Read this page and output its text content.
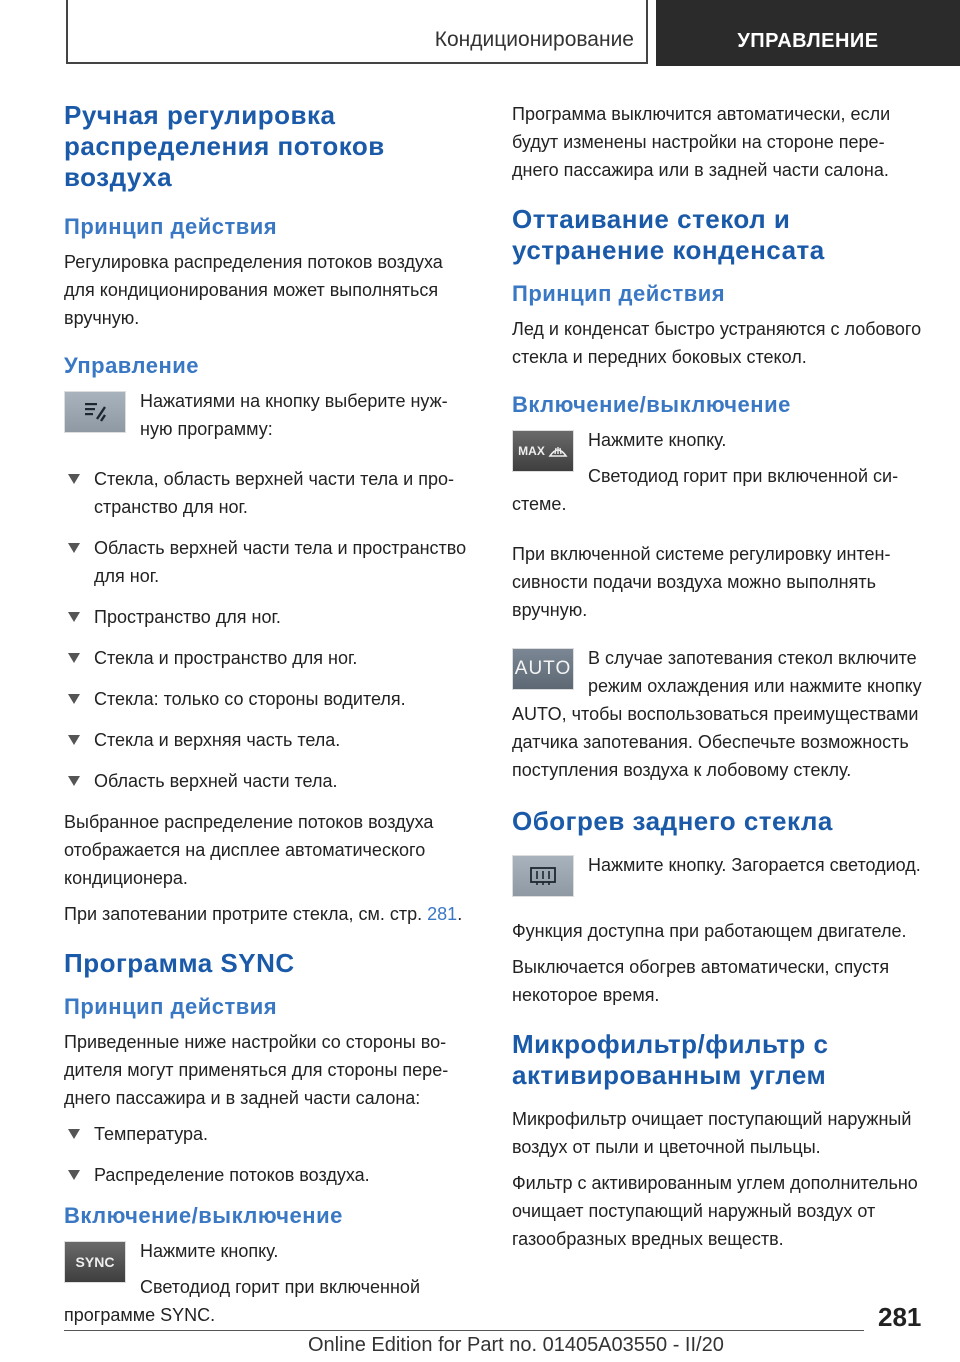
Кондиционирование	УПРАВЛЕНИЕ
Ручная регулировка распределения потоков воздуха
Принцип действия
Регулировка распределения потоков воздуха для кондиционирования может выполняться вручную.
Управление
Нажатиями на кнопку выберите нужную программу:
Стекла, область верхней части тела и пространство для ног.
Область верхней части тела и пространство для ног.
Пространство для ног.
Стекла и пространство для ног.
Стекла: только со стороны водителя.
Стекла и верхняя часть тела.
Область верхней части тела.
Выбранное распределение потоков воздуха отображается на дисплее автоматического кондиционера.
При запотевании протрите стекла, см. стр. 281.
Программа SYNC
Принцип действия
Приведенные ниже настройки со стороны водителя могут применяться для стороны переднего пассажира и в задней части салона:
Температура.
Распределение потоков воздуха.
Включение/выключение
SYNC
Нажмите кнопку.
Светодиод горит при включенной программе SYNC.
Программа выключится автоматически, если будут изменены настройки на стороне переднего пассажира или в задней части салона.
Оттаивание стекол и устранение конденсата
Принцип действия
Лед и конденсат быстро устраняются с лобового стекла и передних боковых стекол.
Включение/выключение
MAX
Нажмите кнопку.
Светодиод горит при включенной системе.
При включенной системе регулировку интенсивности подачи воздуха можно выполнять вручную.
AUTO В случае запотевания стекол включите режим охлаждения или нажмите кнопку AUTO, чтобы воспользоваться преимуществами датчика запотевания. Обеспечьте возможность поступления воздуха к лобовому стеклу.
Обогрев заднего стекла
Нажмите кнопку. Загорается светодиод.
Функция доступна при работающем двигателе.
Выключается обогрев автоматически, спустя некоторое время.
Микрофильтр/фильтр с активированным углем
Микрофильтр очищает поступающий наружный воздух от пыли и цветочной пыльцы.
Фильтр с активированным углем дополнительно очищает поступающий наружный воздух от газообразных вредных веществ.
281
Online Edition for Part no. 01405A03550 - II/20
